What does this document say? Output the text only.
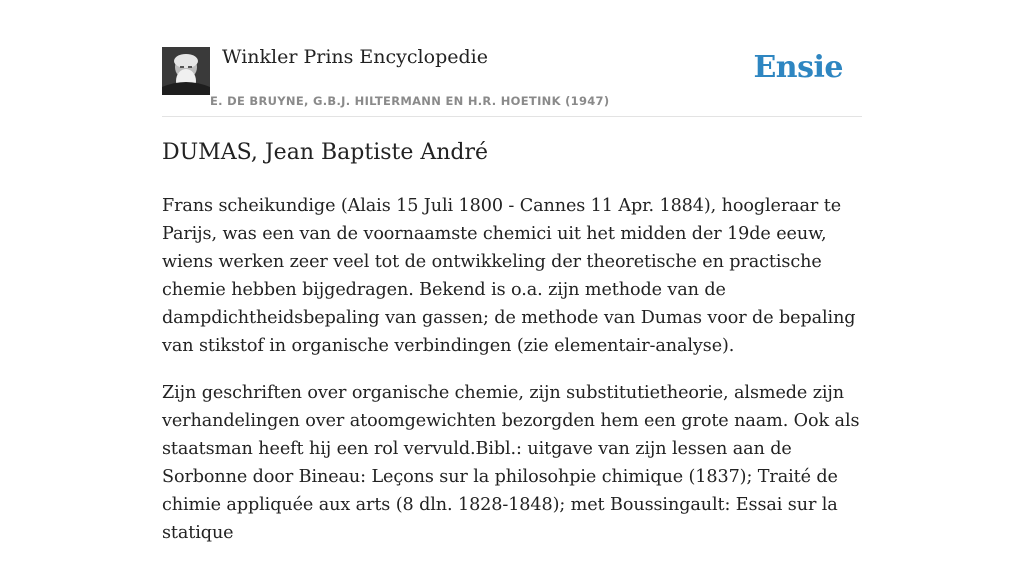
Winkler Prins Encyclopedie
E. DE BRUYNE, G.B.J. HILTERMANN EN H.R. HOETINK (1947)
Ensie
DUMAS, Jean Baptiste André

Frans scheikundige (Alais 15 Juli 1800 - Cannes 11 Apr. 1884), hoogleraar te Parijs, was een van de voornaamste chemici uit het midden der 19de eeuw, wiens werken zeer veel tot de ontwikkeling der theoretische en practische chemie hebben bijgedragen. Bekend is o.a. zijn methode van de dampdichtheidsbepaling van gassen; de methode van Dumas voor de bepaling van stikstof in organische verbindingen (zie elementair-analyse).

Zijn geschriften over organische chemie, zijn substitutietheorie, alsmede zijn verhandelingen over atoomgewichten bezorgden hem een grote naam. Ook als staatsman heeft hij een rol vervuld.Bibl.: uitgave van zijn lessen aan de Sorbonne door Bineau: Leçons sur la philosohpie chimique (1837); Traité de chimie appliquée aux arts (8 dln. 1828-1848); met Boussingault: Essai sur la statique
